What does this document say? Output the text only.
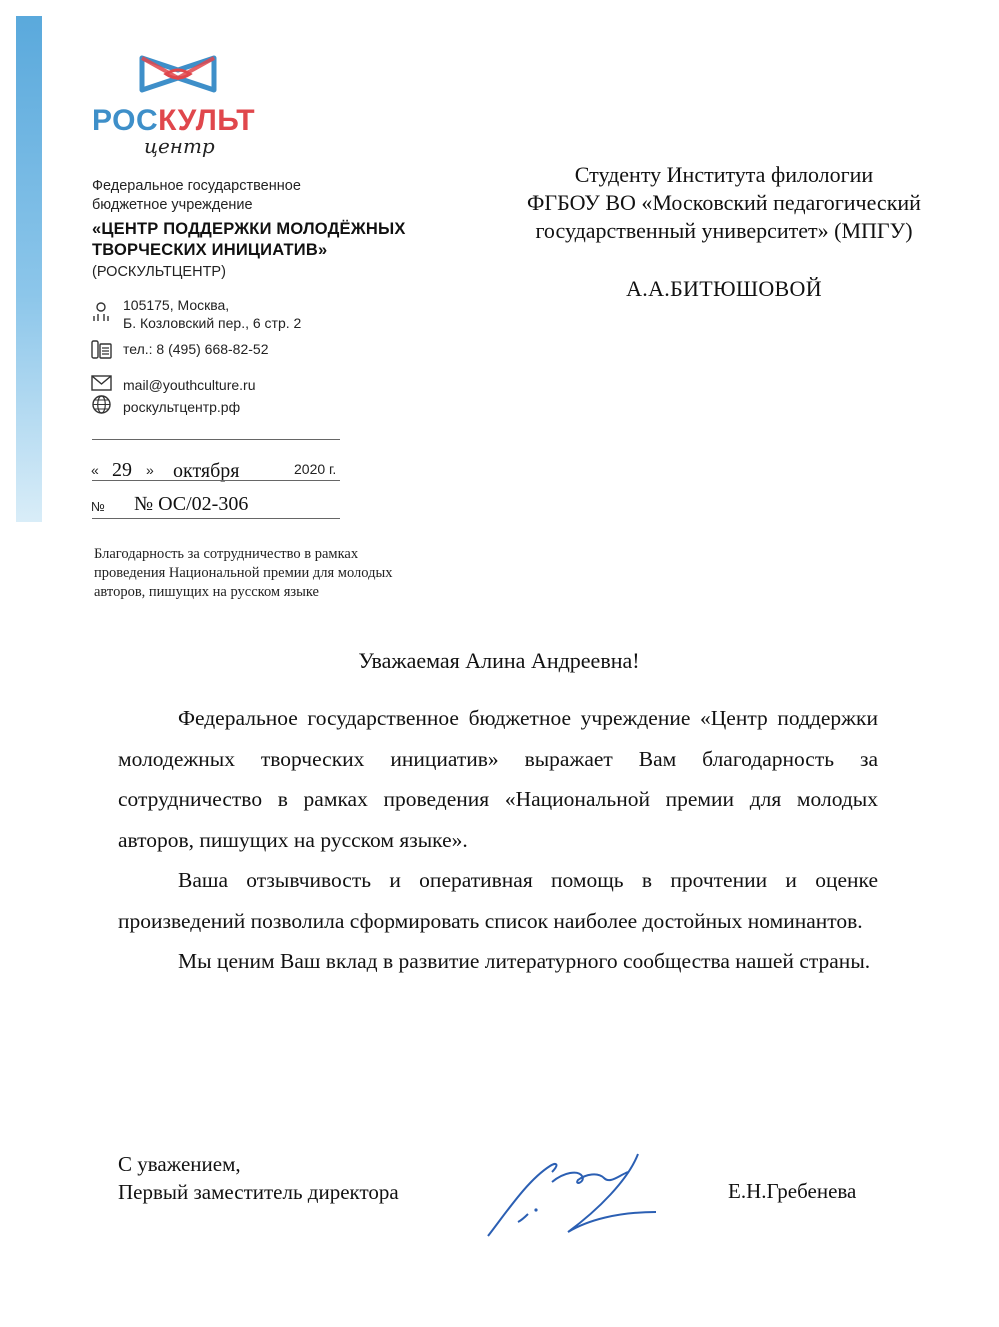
РОСКУЛЬТ
центр
Федеральное государственное
бюджетное учреждение
«ЦЕНТР ПОДДЕРЖКИ МОЛОДЁЖНЫХ
ТВОРЧЕСКИХ ИНИЦИАТИВ»
(РОСКУЛЬТЦЕНТР)
105175, Москва,
Б. Козловский пер., 6 стр. 2
тел.: 8 (495) 668-82-52
mail@youthculture.ru
роскультцентр.рф
« 29 » октября	2020 г.
№ № ОС/02-306
Благодарность за сотрудничество в рамках
проведения Национальной премии для молодых
авторов, пишущих на русском языке
Студенту Института филологии
ФГБОУ ВО «Московский педагогический
государственный университет» (МПГУ)
А.А.БИТЮШОВОЙ
Уважаемая Алина Андреевна!

Федеральное государственное бюджетное учреждение «Центр поддержки молодежных творческих инициатив» выражает Вам благодарность за сотрудничество в рамках проведения «Национальной премии для молодых авторов, пишущих на русском языке».

Ваша отзывчивость и оперативная помощь в прочтении и оценке произведений позволила сформировать список наиболее достойных номинантов.

Мы ценим Ваш вклад в развитие литературного сообщества нашей страны.

С уважением,
Первый заместитель директора	Е.Н.Гребенева
